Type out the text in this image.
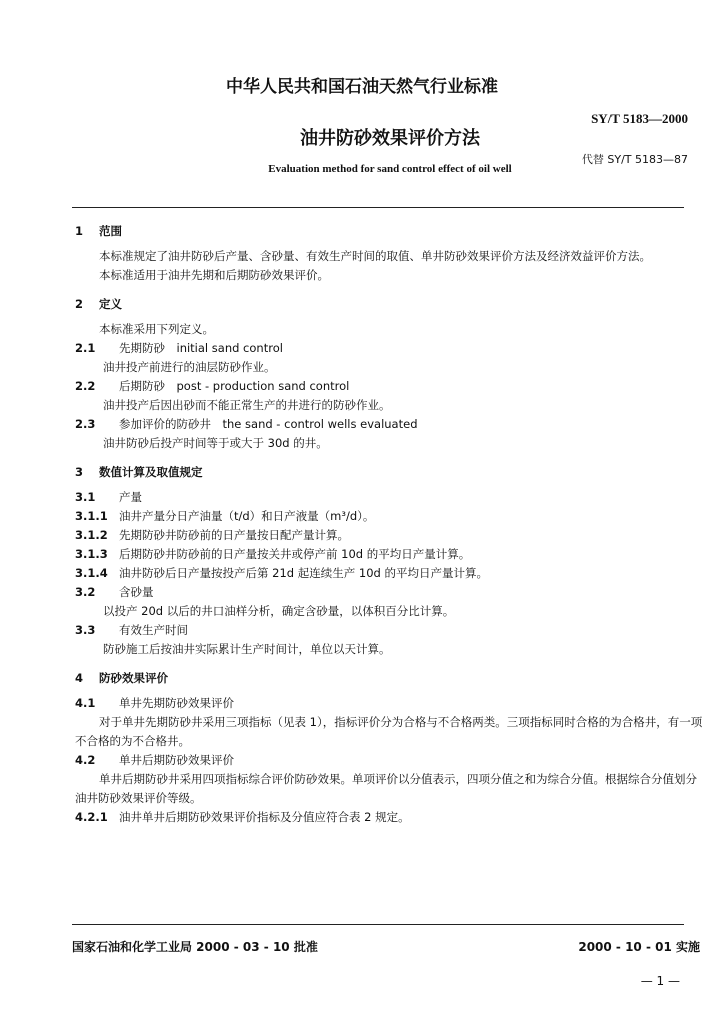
中华人民共和国石油天然气行业标准
SY/T 5183—2000
油井防砂效果评价方法
代替 SY/T 5183—87
Evaluation method for sand control effect of oil well

1 范围

本标准规定了油井防砂后产量、含砂量、有效生产时间的取值、单井防砂效果评价方法及经济效益评价方法。

本标准适用于油井先期和后期防砂效果评价。

2 定义

本标准采用下列定义。

2.1 先期防砂　initial sand control

油井投产前进行的油层防砂作业。

2.2 后期防砂　post - production sand control

油井投产后因出砂而不能正常生产的井进行的防砂作业。

2.3 参加评价的防砂井　the sand - control wells evaluated

油井防砂后投产时间等于或大于 30d 的井。

3 数值计算及取值规定

3.1 产量

3.1.1 油井产量分日产油量（t/d）和日产液量（m³/d）。

3.1.2 先期防砂井防砂前的日产量按日配产量计算。

3.1.3 后期防砂井防砂前的日产量按关井或停产前 10d 的平均日产量计算。

3.1.4 油井防砂后日产量按投产后第 21d 起连续生产 10d 的平均日产量计算。

3.2 含砂量

以投产 20d 以后的井口油样分析，确定含砂量，以体积百分比计算。

3.3 有效生产时间

防砂施工后按油井实际累计生产时间计，单位以天计算。

4 防砂效果评价

4.1 单井先期防砂效果评价

对于单井先期防砂井采用三项指标（见表 1），指标评价分为合格与不合格两类。三项指标同时合格的为合格井，有一项不合格的为不合格井。

4.2 单井后期防砂效果评价

单井后期防砂井采用四项指标综合评价防砂效果。单项评价以分值表示，四项分值之和为综合分值。根据综合分值划分油井防砂效果评价等级。

4.2.1 油井单井后期防砂效果评价指标及分值应符合表 2 规定。

国家石油和化学工业局 2000 - 03 - 10 批准	2000 - 10 - 01 实施
— 1 —
